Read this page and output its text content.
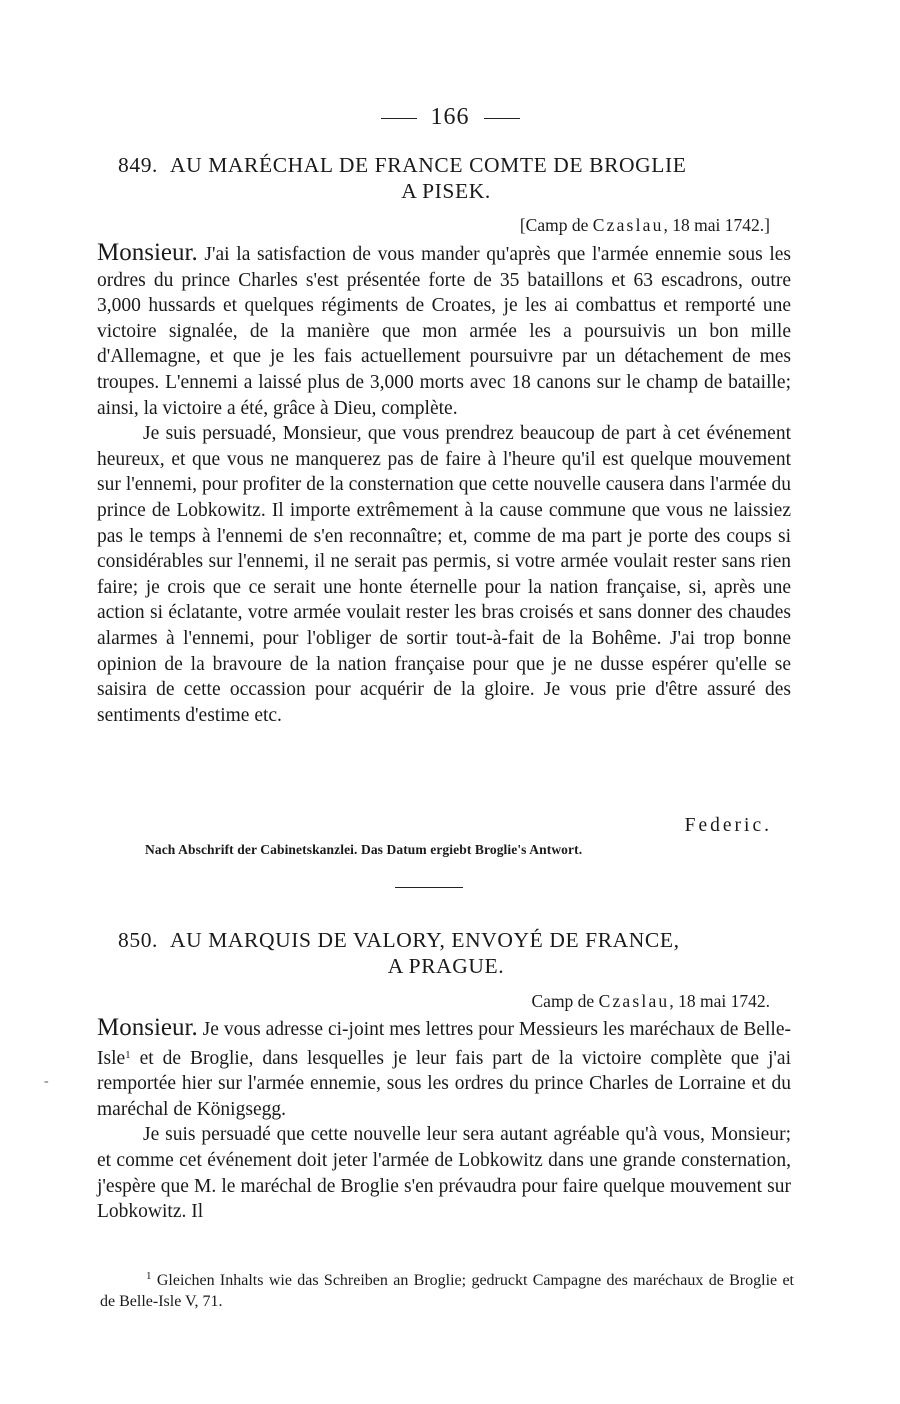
166
849. AU MARÉCHAL DE FRANCE COMTE DE BROGLIE
A PISEK.
[Camp de Czaslau, 18 mai 1742.]

Monsieur. J'ai la satisfaction de vous mander qu'après que l'armée ennemie sous les ordres du prince Charles s'est présentée forte de 35 bataillons et 63 escadrons, outre 3,000 hussards et quelques régiments de Croates, je les ai combattus et remporté une victoire signalée, de la manière que mon armée les a poursuivis un bon mille d'Allemagne, et que je les fais actuellement poursuivre par un détachement de mes troupes. L'ennemi a laissé plus de 3,000 morts avec 18 canons sur le champ de bataille; ainsi, la victoire a été, grâce à Dieu, complète.

Je suis persuadé, Monsieur, que vous prendrez beaucoup de part à cet événement heureux, et que vous ne manquerez pas de faire à l'heure qu'il est quelque mouvement sur l'ennemi, pour profiter de la consternation que cette nouvelle causera dans l'armée du prince de Lobkowitz. Il importe extrêmement à la cause commune que vous ne laissiez pas le temps à l'ennemi de s'en reconnaître; et, comme de ma part je porte des coups si considérables sur l'ennemi, il ne serait pas permis, si votre armée voulait rester sans rien faire; je crois que ce serait une honte éternelle pour la nation française, si, après une action si éclatante, votre armée voulait rester les bras croisés et sans donner des chaudes alarmes à l'ennemi, pour l'obliger de sortir tout-à-fait de la Bohême. J'ai trop bonne opinion de la bravoure de la nation française pour que je ne dusse espérer qu'elle se saisira de cette occassion pour acquérir de la gloire. Je vous prie d'être assuré des sentiments d'estime etc.

Federic.
Nach Abschrift der Cabinetskanzlei. Das Datum ergiebt Broglie's Antwort.
850. AU MARQUIS DE VALORY, ENVOYÉ DE FRANCE,
A PRAGUE.
Camp de Czaslau, 18 mai 1742.
-

Monsieur. Je vous adresse ci-joint mes lettres pour Messieurs les maréchaux de Belle-Isle$^1$ et de Broglie, dans lesquelles je leur fais part de la victoire complète que j'ai remportée hier sur l'armée ennemie, sous les ordres du prince Charles de Lorraine et du maréchal de Königsegg.

Je suis persuadé que cette nouvelle leur sera autant agréable qu'à vous, Monsieur; et comme cet événement doit jeter l'armée de Lobkowitz dans une grande consternation, j'espère que M. le maréchal de Broglie s'en prévaudra pour faire quelque mouvement sur Lobkowitz. Il

$^1$ Gleichen Inhalts wie das Schreiben an Broglie; gedruckt Campagne des maréchaux de Broglie et de Belle-Isle V, 71.
